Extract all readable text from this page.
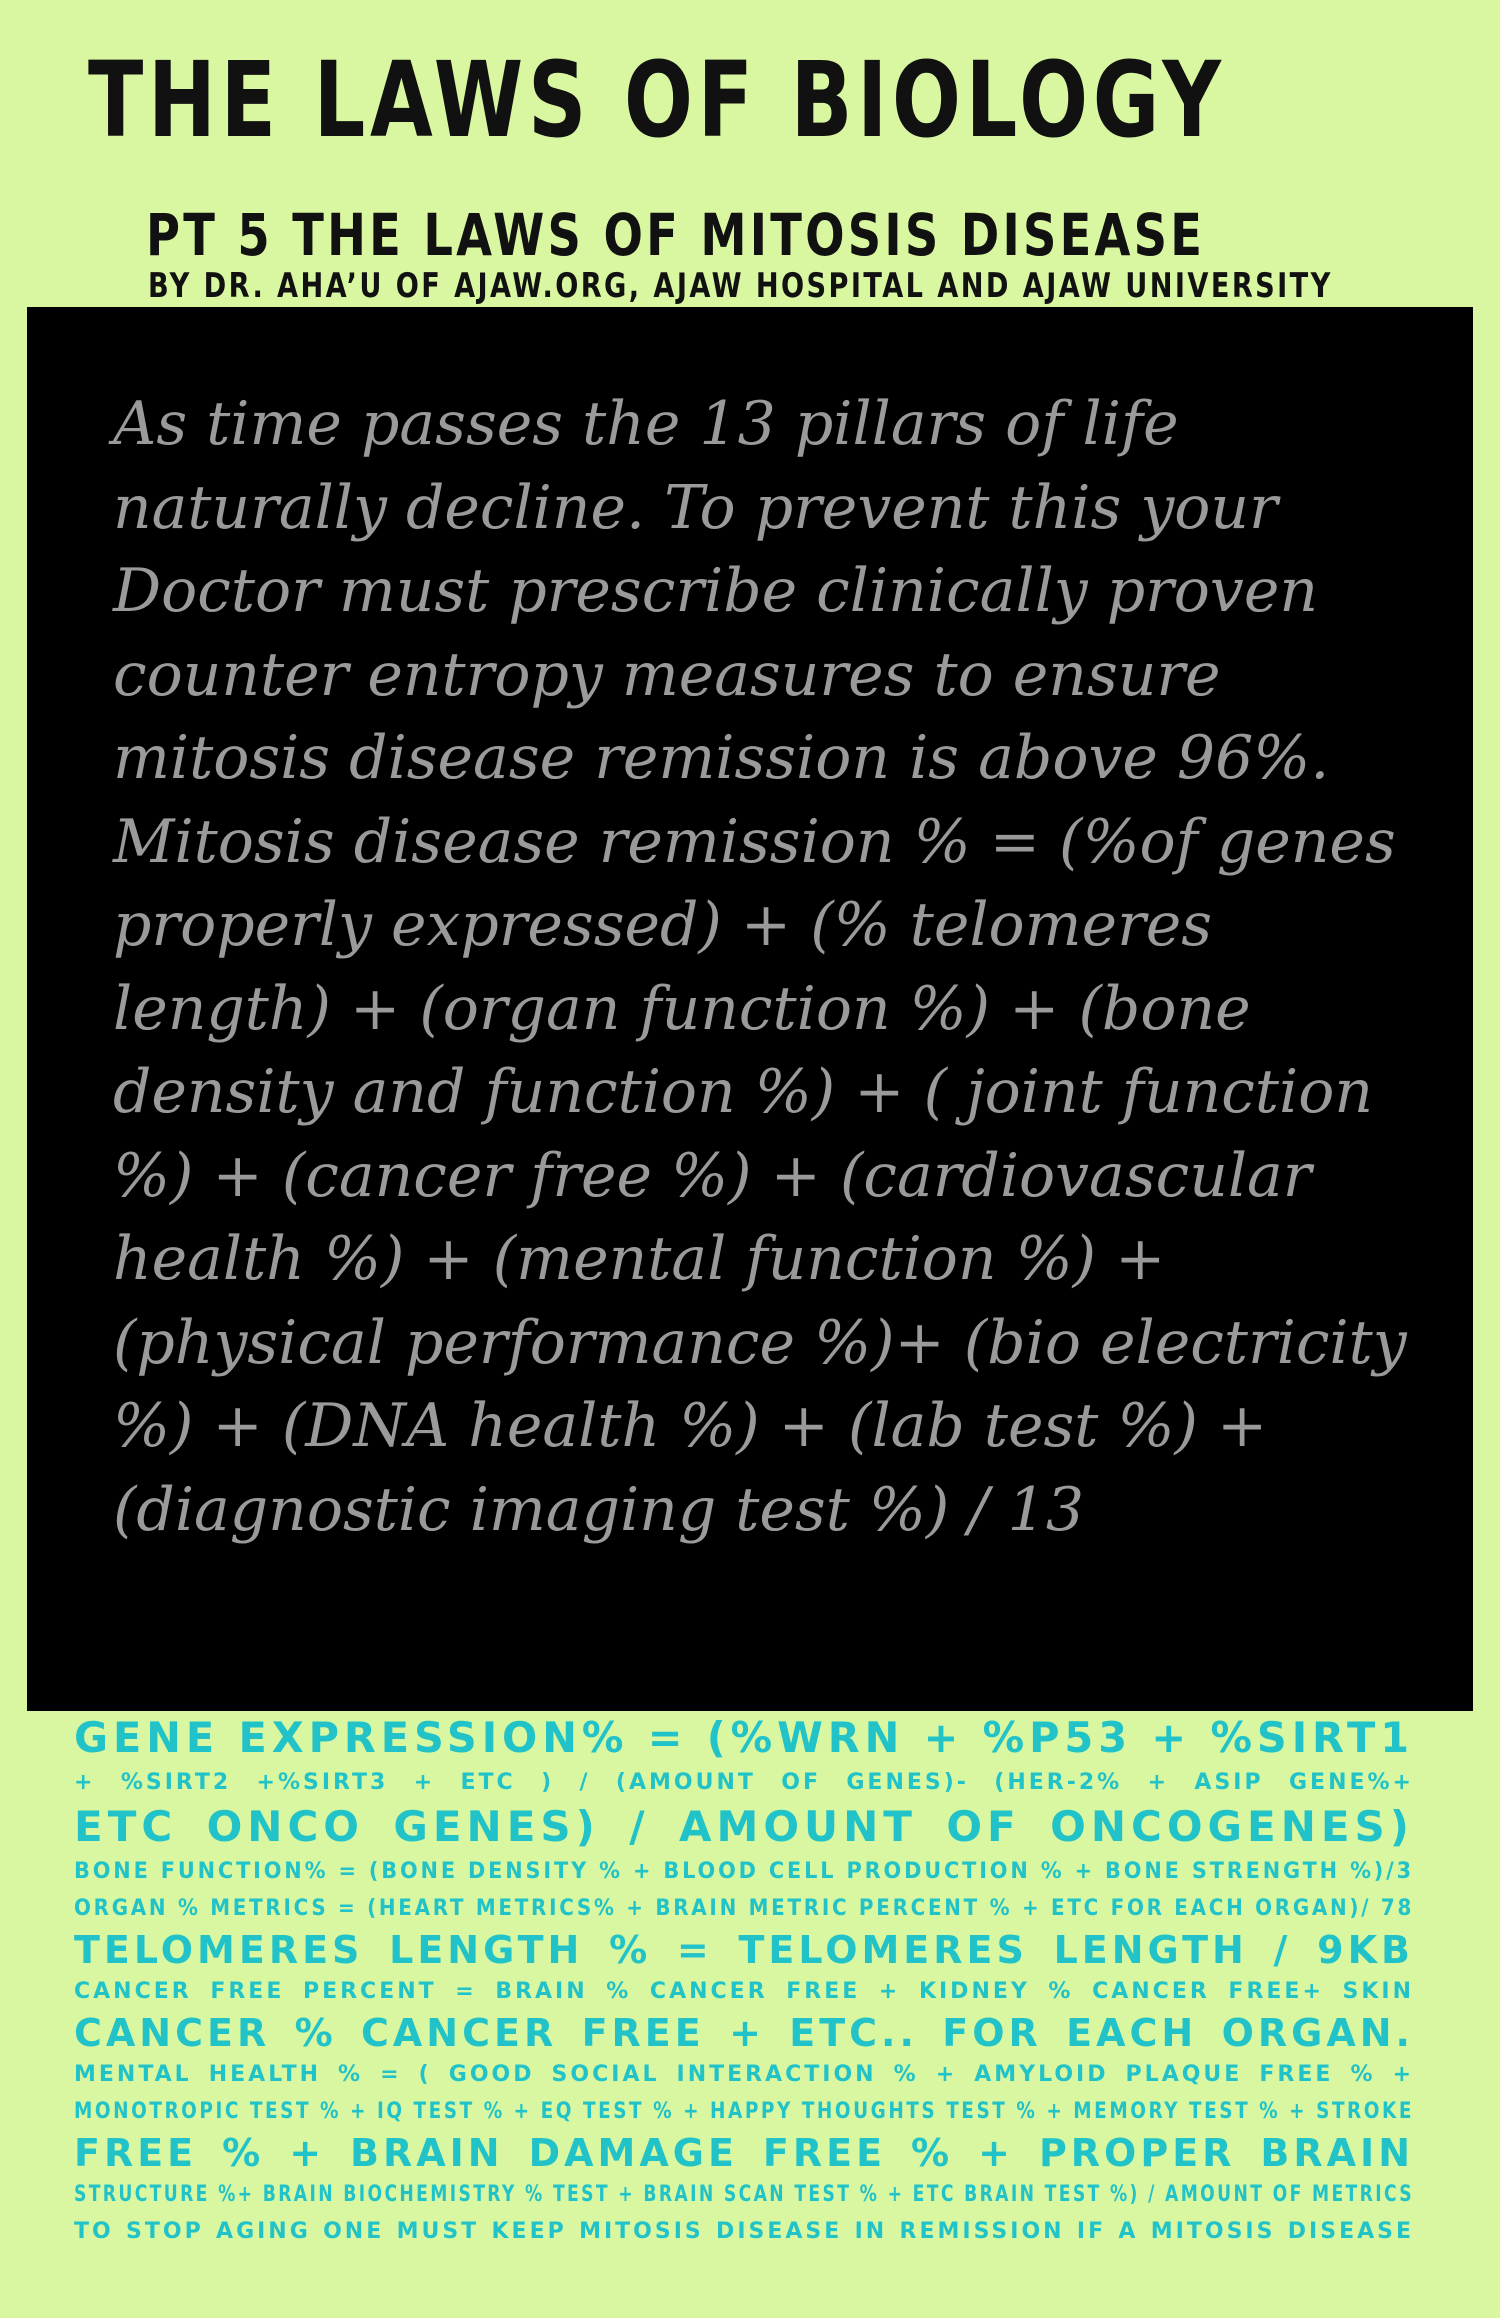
THE LAWS OF BIOLOGY
PT 5 THE LAWS OF MITOSIS DISEASE

BY DR. AHA’U OF AJAW.ORG, AJAW HOSPITAL AND AJAW UNIVERSITY

As time passes the 13 pillars of life naturally decline. To prevent this your Doctor must prescribe clinically proven counter entropy measures to ensure mitosis disease remission is above 96%. Mitosis disease remission % = (%of genes properly expressed) + (% telomeres length) + (organ function %) + (bone density and function %) + ( joint function %) + (cancer free %) + (cardiovascular health %) + (mental function %) + (physical performance %)+ (bio electricity %) + (DNA health %) + (lab test %) + (diagnostic imaging test %) / 13

GENE EXPRESSION% = (%WRN + %P53 + %SIRT1
+ %SIRT2 +%SIRT3 + ETC ) / (AMOUNT OF GENES)- (HER-2% + ASIP GENE%+
ETC ONCO GENES) / AMOUNT OF ONCOGENES)
BONE FUNCTION% = (BONE DENSITY % + BLOOD CELL PRODUCTION % + BONE STRENGTH %)/3
ORGAN % METRICS = (HEART METRICS% + BRAIN METRIC PERCENT % + ETC FOR EACH ORGAN)/ 78
TELOMERES LENGTH % = TELOMERES LENGTH / 9KB
CANCER FREE PERCENT = BRAIN % CANCER FREE + KIDNEY % CANCER FREE+ SKIN
CANCER % CANCER FREE + ETC.. FOR EACH ORGAN.
MENTAL HEALTH % = ( GOOD SOCIAL INTERACTION % + AMYLOID PLAQUE FREE % +
MONOTROPIC TEST % + IQ TEST % + EQ TEST % + HAPPY THOUGHTS TEST % + MEMORY TEST % + STROKE
FREE % + BRAIN DAMAGE FREE % + PROPER BRAIN
STRUCTURE %+ BRAIN BIOCHEMISTRY % TEST + BRAIN SCAN TEST % + ETC BRAIN TEST %) / AMOUNT OF METRICS
TO STOP AGING ONE MUST KEEP MITOSIS DISEASE IN REMISSION IF A MITOSIS DISEASE
